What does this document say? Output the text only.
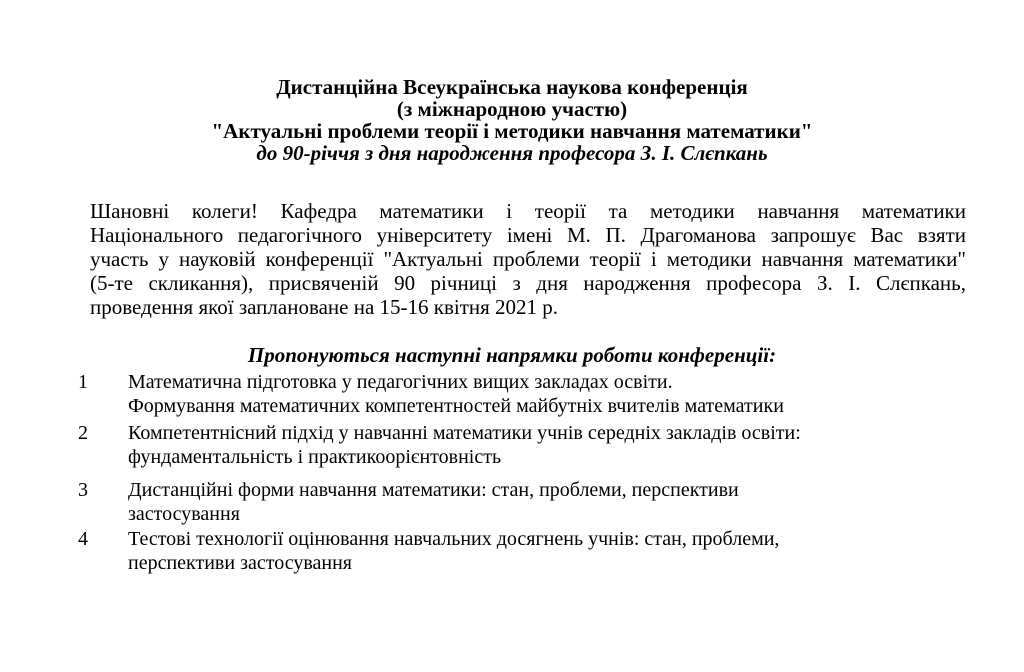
Дистанційна Всеукраїнська наукова конференція
(з міжнародною участю)
"Актуальні проблеми теорії і методики навчання математики"
до 90-річчя з дня народження професора З. І. Слєпкань
Шановні колеги! Кафедра математики і теорії та методики навчання математики
Національного педагогічного університету імені М. П. Драгоманова запрошує Вас взяти
участь у науковій конференції "Актуальні проблеми теорії і методики навчання математики"
(5-те скликання), присвяченій 90 річниці з дня народження професора З. І. Слєпкань,
проведення якої заплановане на 15-16 квітня 2021 р.
Пропонуються наступні напрямки роботи конференції:
1 Математична підготовка у педагогічних вищих закладах освіти.
Формування математичних компетентностей майбутніх вчителів математики
2 Компетентнісний підхід у навчанні математики учнів середніх закладів освіти:
фундаментальність і практикоорієнтовність
3 Дистанційні форми навчання математики: стан, проблеми, перспективи
застосування
4 Тестові технології оцінювання навчальних досягнень учнів: стан, проблеми,
перспективи застосування
